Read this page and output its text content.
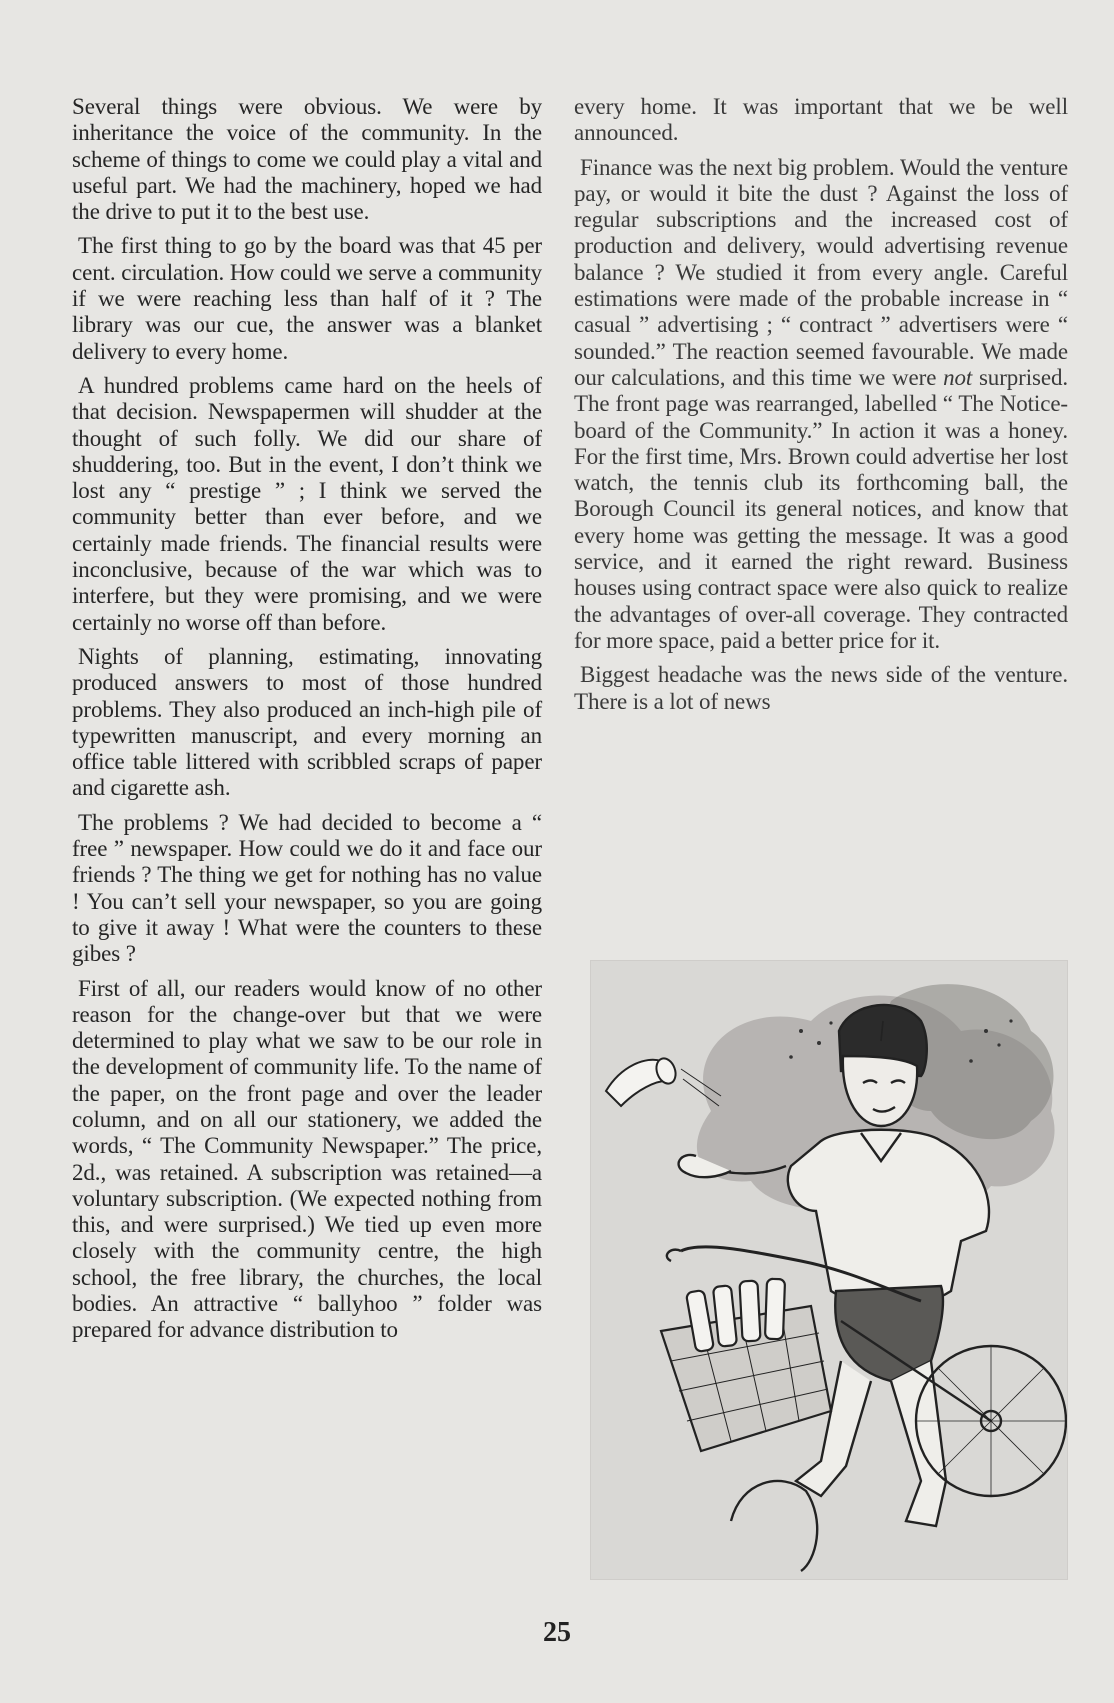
Several things were obvious. We were by inheritance the voice of the community. In the scheme of things to come we could play a vital and useful part. We had the machinery, hoped we had the drive to put it to the best use.

The first thing to go by the board was that 45 per cent. circulation. How could we serve a community if we were reaching less than half of it ? The library was our cue, the answer was a blanket delivery to every home.

A hundred problems came hard on the heels of that decision. Newspapermen will shudder at the thought of such folly. We did our share of shuddering, too. But in the event, I don’t think we lost any “ prestige ” ; I think we served the community better than ever before, and we certainly made friends. The financial results were inconclusive, because of the war which was to interfere, but they were promising, and we were certainly no worse off than before.

Nights of planning, estimating, innovating produced answers to most of those hundred problems. They also produced an inch-high pile of typewritten manuscript, and every morning an office table littered with scribbled scraps of paper and cigarette ash.

The problems ? We had decided to become a “ free ” newspaper. How could we do it and face our friends ? The thing we get for nothing has no value ! You can’t sell your newspaper, so you are going to give it away ! What were the counters to these gibes ?

First of all, our readers would know of no other reason for the change-over but that we were determined to play what we saw to be our role in the development of community life. To the name of the paper, on the front page and over the leader column, and on all our stationery, we added the words, “ The Community Newspaper.” The price, 2d., was retained. A subscription was retained—a voluntary subscription. (We expected nothing from this, and were surprised.) We tied up even more closely with the community centre, the high school, the free library, the churches, the local bodies. An attractive “ ballyhoo ” folder was prepared for advance distribution to

every home. It was important that we be well announced.

Finance was the next big problem. Would the venture pay, or would it bite the dust ? Against the loss of regular subscriptions and the increased cost of production and delivery, would advertising revenue balance ? We studied it from every angle. Careful estimations were made of the probable increase in “ casual ” advertising ; “ contract ” advertisers were “ sounded.” The reaction seemed favourable. We made our calculations, and this time we were not surprised. The front page was rearranged, labelled “ The Notice-board of the Community.” In action it was a honey. For the first time, Mrs. Brown could advertise her lost watch, the tennis club its forthcoming ball, the Borough Council its general notices, and know that every home was getting the message. It was a good service, and it earned the right reward. Business houses using contract space were also quick to realize the advantages of over-all coverage. They contracted for more space, paid a better price for it.

Biggest headache was the news side of the venture. There is a lot of news

25
